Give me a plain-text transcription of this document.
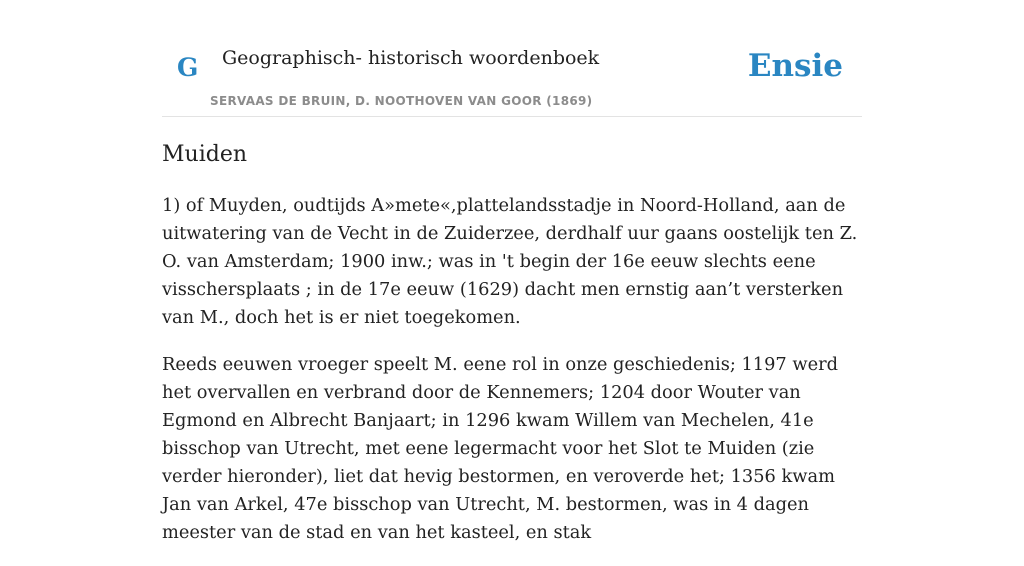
G Geographisch- historisch woordenboek
SERVAAS DE BRUIN, D. NOOTHOVEN VAN GOOR (1869)
Ensie
Muiden

1) of Muyden, oudtijds A»mete«,plattelandsstadje in Noord-Holland, aan de uitwatering van de Vecht in de Zuiderzee, derdhalf uur gaans oostelijk ten Z. O. van Amsterdam; 1900 inw.; was in 't begin der 16e eeuw slechts eene visschersplaats ; in de 17e eeuw (1629) dacht men ernstig aan’t versterken van M., doch het is er niet toegekomen.

Reeds eeuwen vroeger speelt M. eene rol in onze geschiedenis; 1197 werd het overvallen en verbrand door de Kennemers; 1204 door Wouter van Egmond en Albrecht Banjaart; in 1296 kwam Willem van Mechelen, 41e bisschop van Utrecht, met eene legermacht voor het Slot te Muiden (zie verder hieronder), liet dat hevig bestormen, en veroverde het; 1356 kwam Jan van Arkel, 47e bisschop van Utrecht, M. bestormen, was in 4 dagen meester van de stad en van het kasteel, en stak
